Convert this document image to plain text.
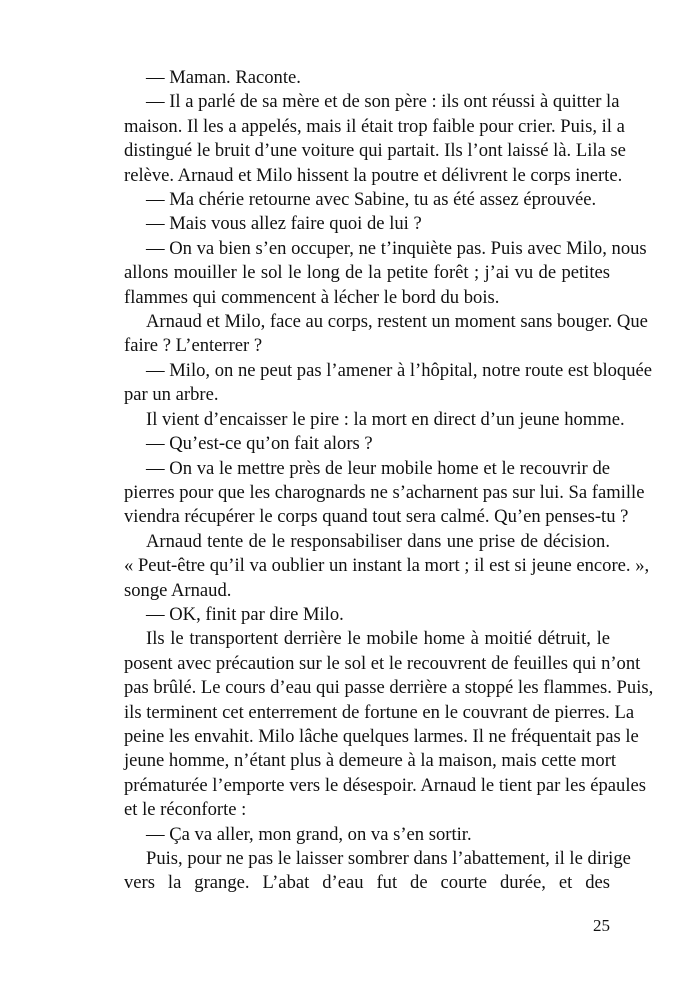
— Maman. Raconte.
— Il a parlé de sa mère et de son père : ils ont réussi à quitter la
maison. Il les a appelés, mais il était trop faible pour crier. Puis, il a
distingué le bruit d’une voiture qui partait. Ils l’ont laissé là. Lila se
relève. Arnaud et Milo hissent la poutre et délivrent le corps inerte.
— Ma chérie retourne avec Sabine, tu as été assez éprouvée.
— Mais vous allez faire quoi de lui ?
— On va bien s’en occuper, ne t’inquiète pas. Puis avec Milo, nous
allons mouiller le sol le long de la petite forêt ; j’ai vu de petites
flammes qui commencent à lécher le bord du bois.
Arnaud et Milo, face au corps, restent un moment sans bouger. Que
faire ? L’enterrer ?
— Milo, on ne peut pas l’amener à l’hôpital, notre route est bloquée
par un arbre.
Il vient d’encaisser le pire : la mort en direct d’un jeune homme.
— Qu’est-ce qu’on fait alors ?
— On va le mettre près de leur mobile home et le recouvrir de
pierres pour que les charognards ne s’acharnent pas sur lui. Sa famille
viendra récupérer le corps quand tout sera calmé. Qu’en penses-tu ?
Arnaud tente de le responsabiliser dans une prise de décision.
« Peut-être qu’il va oublier un instant la mort ; il est si jeune encore. »,
songe Arnaud.
— OK, finit par dire Milo.
Ils le transportent derrière le mobile home à moitié détruit, le
posent avec précaution sur le sol et le recouvrent de feuilles qui n’ont
pas brûlé. Le cours d’eau qui passe derrière a stoppé les flammes. Puis,
ils terminent cet enterrement de fortune en le couvrant de pierres. La
peine les envahit. Milo lâche quelques larmes. Il ne fréquentait pas le
jeune homme, n’étant plus à demeure à la maison, mais cette mort
prématurée l’emporte vers le désespoir. Arnaud le tient par les épaules
et le réconforte :
— Ça va aller, mon grand, on va s’en sortir.
Puis, pour ne pas le laisser sombrer dans l’abattement, il le dirige
vers la grange. L’abat d’eau fut de courte durée, et des
25
